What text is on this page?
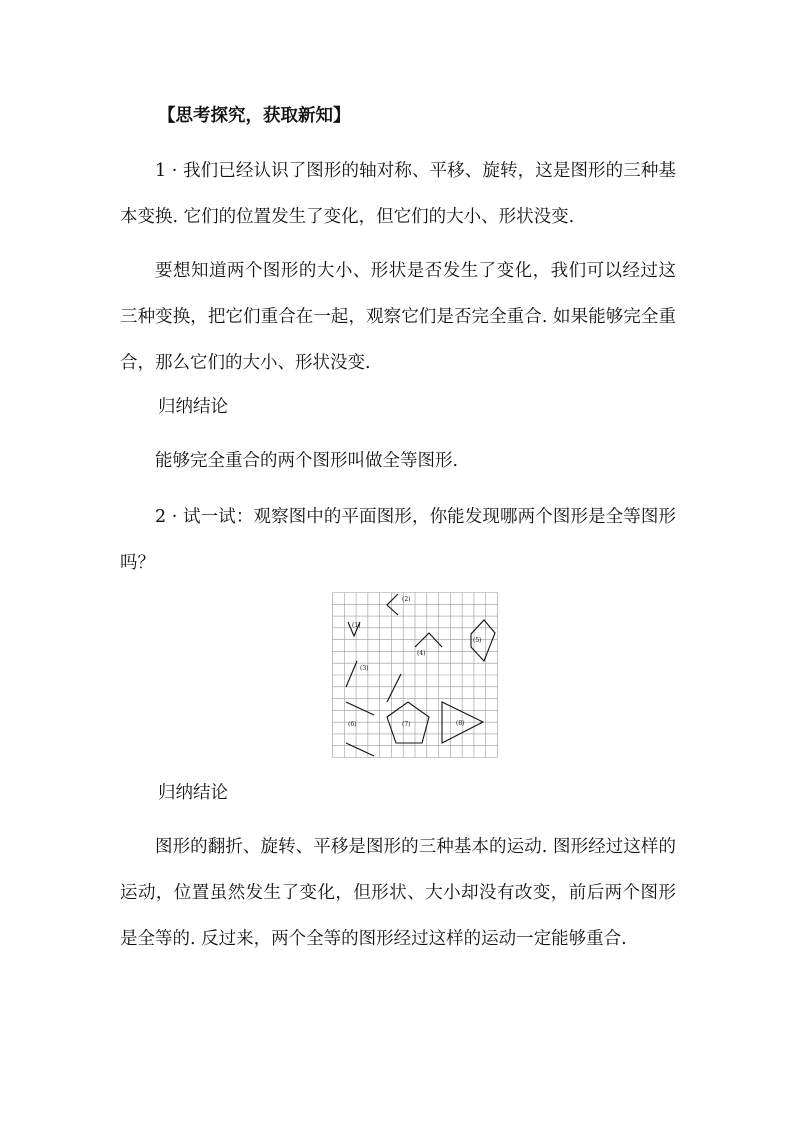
【思考探究，获取新知】

1 · 我们已经认识了图形的轴对称、平移、旋转，这是图形的三种基本变换. 它们的位置发生了变化，但它们的大小、形状没变.

要想知道两个图形的大小、形状是否发生了变化，我们可以经过这三种变换，把它们重合在一起，观察它们是否完全重合. 如果能够完全重合，那么它们的大小、形状没变.

归纳结论

能够完全重合的两个图形叫做全等图形.

2 · 试一试：观察图中的平面图形，你能发现哪两个图形是全等图形吗？

(1)
(2)
(3)
(4)
(5)
(6)	(7)	(8)

归纳结论

图形的翻折、旋转、平移是图形的三种基本的运动. 图形经过这样的运动，位置虽然发生了变化，但形状、大小却没有改变，前后两个图形是全等的. 反过来，两个全等的图形经过这样的运动一定能够重合.
